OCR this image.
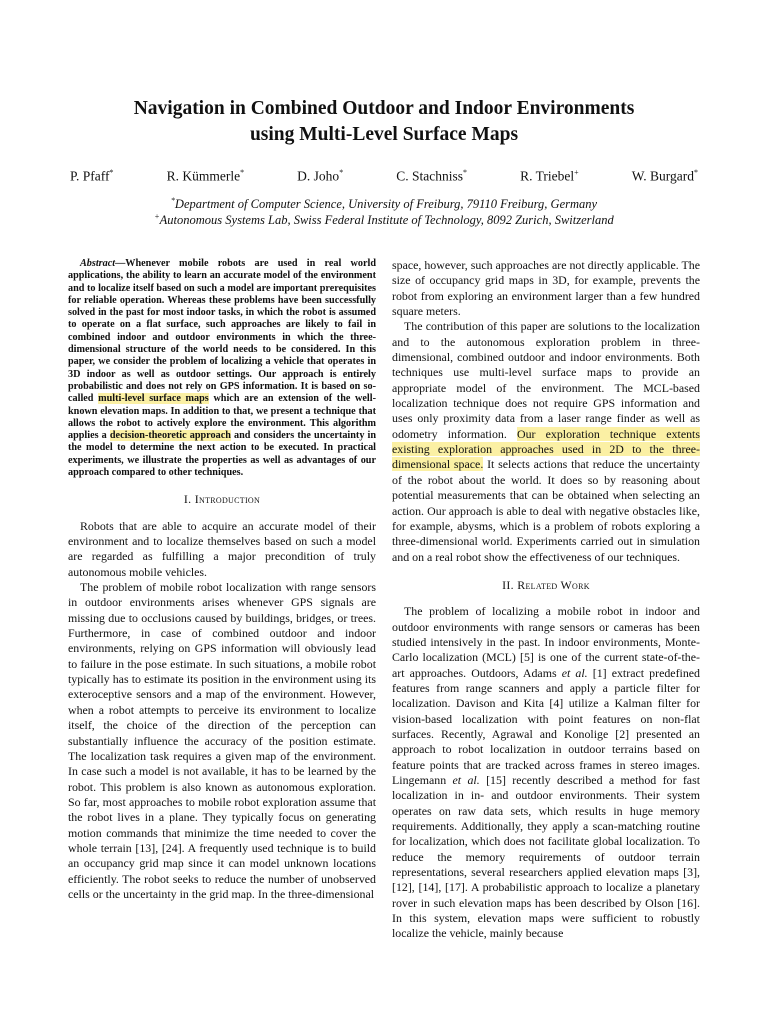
Navigation in Combined Outdoor and Indoor Environments
using Multi-Level Surface Maps
P. Pfaff*	R. Kümmerle*	D. Joho*	C. Stachniss*	R. Triebel+	W. Burgard*
*Department of Computer Science, University of Freiburg, 79110 Freiburg, Germany
+Autonomous Systems Lab, Swiss Federal Institute of Technology, 8092 Zurich, Switzerland

Abstract—Whenever mobile robots are used in real world applications, the ability to learn an accurate model of the environment and to localize itself based on such a model are important prerequisites for reliable operation. Whereas these problems have been successfully solved in the past for most indoor tasks, in which the robot is assumed to operate on a flat surface, such approaches are likely to fail in combined indoor and outdoor environments in which the three-dimensional structure of the world needs to be considered. In this paper, we consider the problem of localizing a vehicle that operates in 3D indoor as well as outdoor settings. Our approach is entirely probabilistic and does not rely on GPS information. It is based on so-called multi-level surface maps which are an extension of the well-known elevation maps. In addition to that, we present a technique that allows the robot to actively explore the environment. This algorithm applies a decision-theoretic approach and considers the uncertainty in the model to determine the next action to be executed. In practical experiments, we illustrate the properties as well as advantages of our approach compared to other techniques.

I. Introduction

Robots that are able to acquire an accurate model of their environment and to localize themselves based on such a model are regarded as fulfilling a major precondition of truly autonomous mobile vehicles.

The problem of mobile robot localization with range sensors in outdoor environments arises whenever GPS signals are missing due to occlusions caused by buildings, bridges, or trees. Furthermore, in case of combined outdoor and indoor environments, relying on GPS information will obviously lead to failure in the pose estimate. In such situations, a mobile robot typically has to estimate its position in the environment using its exteroceptive sensors and a map of the environment. However, when a robot attempts to perceive its environment to localize itself, the choice of the direction of the perception can substantially influence the accuracy of the position estimate. The localization task requires a given map of the environment. In case such a model is not available, it has to be learned by the robot. This problem is also known as autonomous exploration. So far, most approaches to mobile robot exploration assume that the robot lives in a plane. They typically focus on generating motion commands that minimize the time needed to cover the whole terrain [13], [24]. A frequently used technique is to build an occupancy grid map since it can model unknown locations efficiently. The robot seeks to reduce the number of unobserved cells or the uncertainty in the grid map. In the three-dimensional

space, however, such approaches are not directly applicable. The size of occupancy grid maps in 3D, for example, prevents the robot from exploring an environment larger than a few hundred square meters.

The contribution of this paper are solutions to the localization and to the autonomous exploration problem in three-dimensional, combined outdoor and indoor environments. Both techniques use multi-level surface maps to provide an appropriate model of the environment. The MCL-based localization technique does not require GPS information and uses only proximity data from a laser range finder as well as odometry information. Our exploration technique extents existing exploration approaches used in 2D to the three-dimensional space. It selects actions that reduce the uncertainty of the robot about the world. It does so by reasoning about potential measurements that can be obtained when selecting an action. Our approach is able to deal with negative obstacles like, for example, abysms, which is a problem of robots exploring a three-dimensional world. Experiments carried out in simulation and on a real robot show the effectiveness of our techniques.

II. Related Work

The problem of localizing a mobile robot in indoor and outdoor environments with range sensors or cameras has been studied intensively in the past. In indoor environments, Monte-Carlo localization (MCL) [5] is one of the current state-of-the-art approaches. Outdoors, Adams et al. [1] extract predefined features from range scanners and apply a particle filter for localization. Davison and Kita [4] utilize a Kalman filter for vision-based localization with point features on non-flat surfaces. Recently, Agrawal and Konolige [2] presented an approach to robot localization in outdoor terrains based on feature points that are tracked across frames in stereo images. Lingemann et al. [15] recently described a method for fast localization in in- and outdoor environments. Their system operates on raw data sets, which results in huge memory requirements. Additionally, they apply a scan-matching routine for localization, which does not facilitate global localization. To reduce the memory requirements of outdoor terrain representations, several researchers applied elevation maps [3], [12], [14], [17]. A probabilistic approach to localize a planetary rover in such elevation maps has been described by Olson [16]. In this system, elevation maps were sufficient to robustly localize the vehicle, mainly because
